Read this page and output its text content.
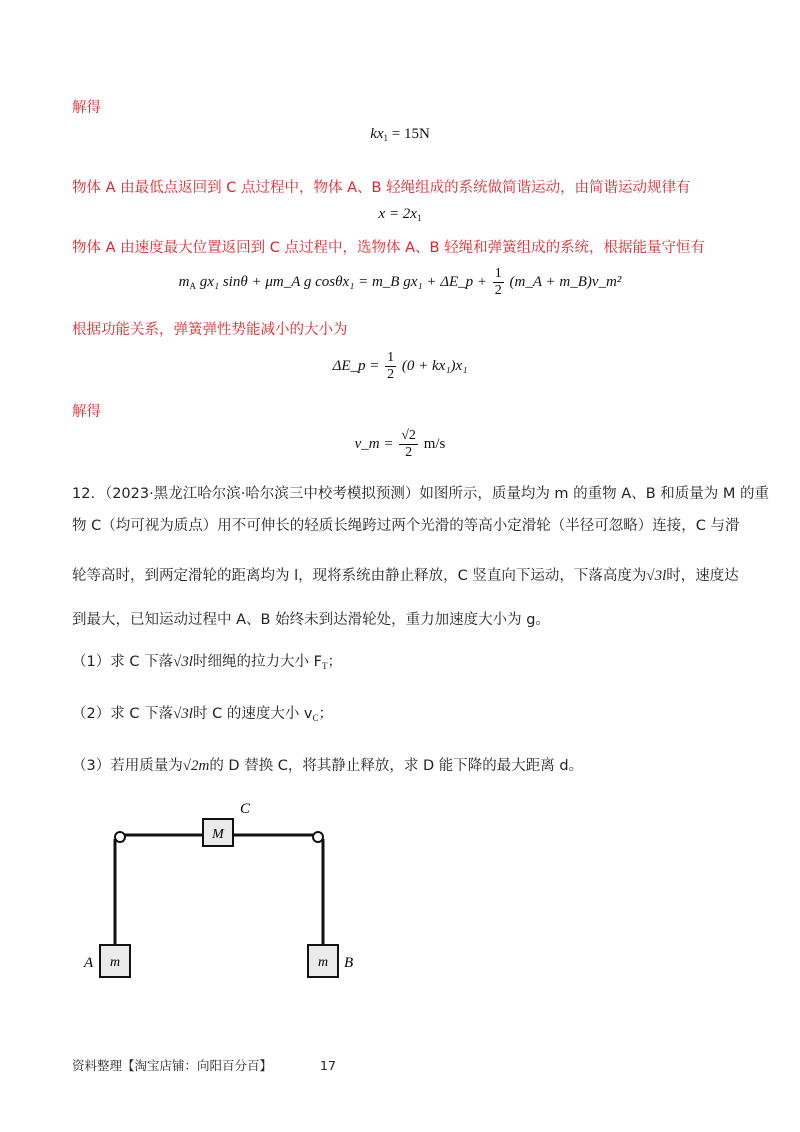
解得
$kx_1 = 15N$
物体 A 由最低点返回到 C 点过程中，物体 A、B 轻绳组成的系统做简谐运动，由简谐运动规律有
$x = 2x_1$
物体 A 由速度最大位置返回到 C 点过程中，选物体 A、B 轻绳和弹簧组成的系统，根据能量守恒有
$m_A$ gx₁ sinθ + μm_A g cosθx₁ = m_B gx₁ + ΔE_p + $\frac{1}{2}$ (m_A + m_B)v_m²
根据功能关系，弹簧弹性势能减小的大小为
ΔE_p = $\frac{1}{2} (0 + kx_1)x_1$
解得
v_m = $\frac{√2}{2} m/s$
12．（2023·黑龙江哈尔滨·哈尔滨三中校考模拟预测）如图所示，质量均为 m 的重物 A、B 和质量为 M 的重
物 C（均可视为质点）用不可伸长的轻质长绳跨过两个光滑的等高小定滑轮（半径可忽略）连接，C 与滑
轮等高时，到两定滑轮的距离均为 l，现将系统由静止释放，C 竖直向下运动，下落高度为√3l时，速度达
到最大，已知运动过程中 A、B 始终未到达滑轮处，重力加速度大小为 g。
（1）求 C 下落√3l时细绳的拉力大小 $F_T$；
（2）求 C 下落√3l时 C 的速度大小 $v_C$；
（3）若用质量为√2m的 D 替换 C，将其静止释放，求 D 能下降的最大距离 d。
M
C
m
A	m B
资料整理【淘宝店铺：向阳百分百】	17
